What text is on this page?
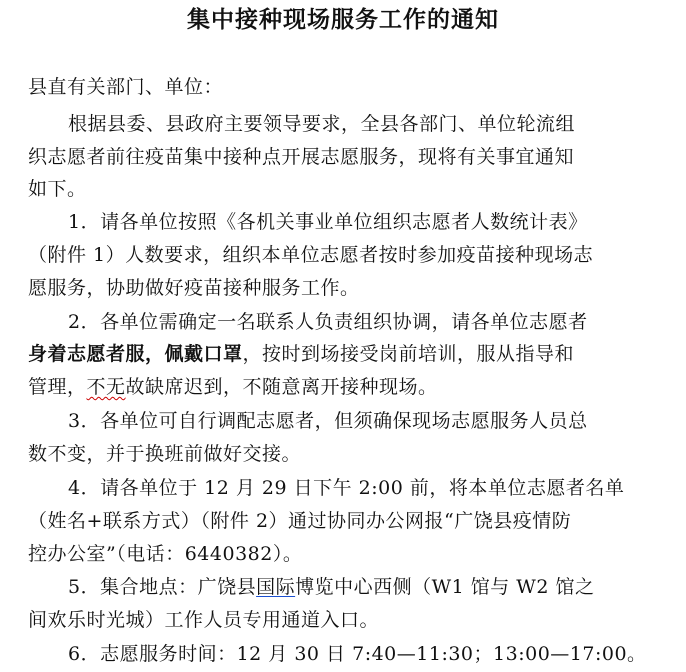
集中接种现场服务工作的通知
县直有关部门、单位：
根据县委、县政府主要领导要求，全县各部门、单位轮流组
织志愿者前往疫苗集中接种点开展志愿服务，现将有关事宜通知
如下。
1．请各单位按照《各机关事业单位组织志愿者人数统计表》
（附件 1）人数要求，组织本单位志愿者按时参加疫苗接种现场志
愿服务，协助做好疫苗接种服务工作。
2．各单位需确定一名联系人负责组织协调，请各单位志愿者
身着志愿者服，佩戴口罩，按时到场接受岗前培训，服从指导和
管理，不无故缺席迟到，不随意离开接种现场。
3．各单位可自行调配志愿者，但须确保现场志愿服务人员总
数不变，并于换班前做好交接。
4．请各单位于 12 月 29 日下午 2:00 前，将本单位志愿者名单
（姓名+联系方式）（附件 2）通过协同办公网报“广饶县疫情防
控办公室”（电话：6440382）。
5．集合地点：广饶县国际博览中心西侧（W1 馆与 W2 馆之
间欢乐时光城）工作人员专用通道入口。
6．志愿服务时间：12 月 30 日 7:40—11:30；13:00—17:00。
